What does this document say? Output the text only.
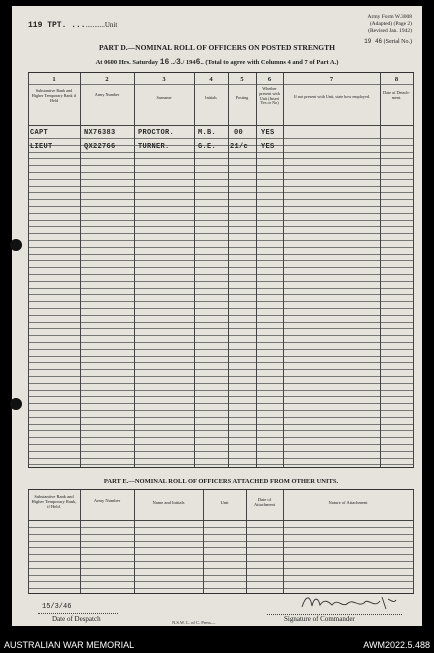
Army Form W.3008
(Adapted) (Page 2)
(Revised Jan. 1942)
119 TPT. ..............Unit
19 46 (Serial No.)
PART D.—NOMINAL ROLL OF OFFICERS ON POSTED STRENGTH
At 0600 Hrs. Saturday 16 ../3./ 1946.. (Total to agree with Columns 4 and 7 of Part A.)
1	2	3	4	5	6	7	8
Substantive Rank and Higher Temporary Rank if Held
Army Number
Surname	Initials	Posting
Whether present with Unit (Insert Yes or No)
If not present with Unit, state how employed.
Date of Detach-ment.
CAPT	NX76383	PROCTOR.	M.B.	00	YES
LIEUT	QX22766	TURNER.	G.E. 21/c YES
PART E.—NOMINAL ROLL OF OFFICERS ATTACHED FROM OTHER UNITS.
Substantive Rank and Higher Temporary Rank, if Held.
Army Number	Name and Initials	Unit
Date of Attachment	Nature of Attachment
15/3/46
Date of Despatch	N.S.W. L. of C. Press—	Signature of Commander
AUSTRALIAN WAR MEMORIAL	AWM2022.5.488
